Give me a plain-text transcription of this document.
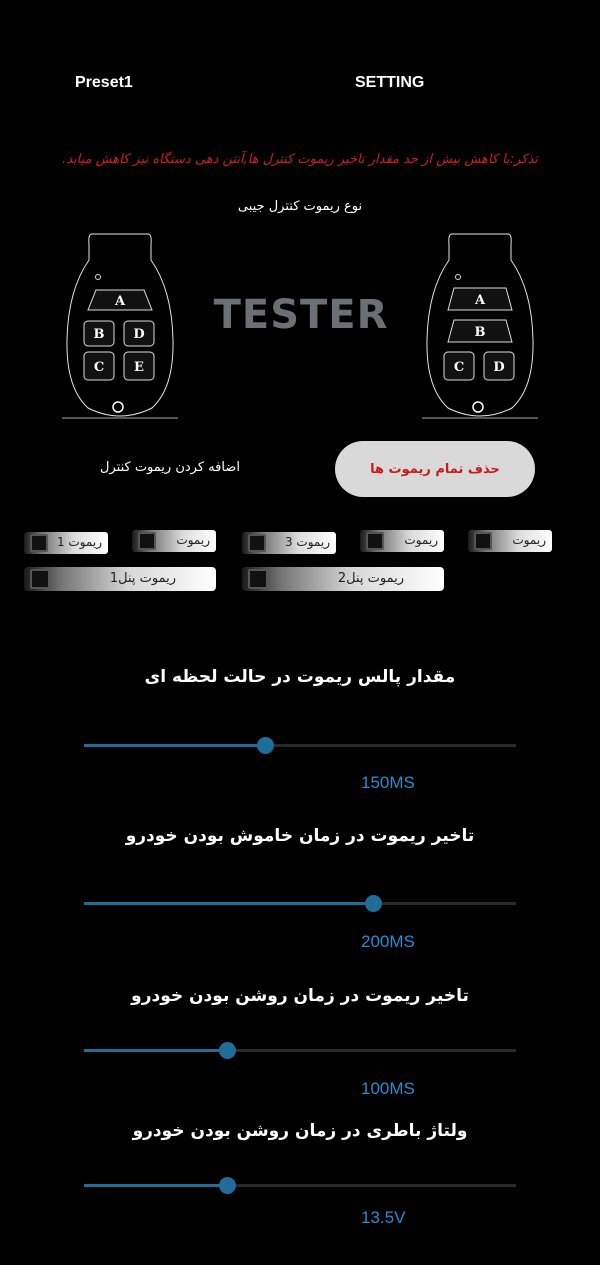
Preset1	SETTING
تذکر:با کاهش بیش از حد مقدار تاخیر ریموت کنترل ها,آنتن دهی دستگاه نیز کاهش میابد.
نوع ریموت کنترل جیبی
A
B D
C E
TESTER	A
B
C D
حذف تمام ریموت ها
اضافه کردن ریموت کنترل
ریموت 1	ریموت	ریموت 3	ریموت	ریموت
ریموت پنل1	ریموت پنل2
مقدار پالس ریموت در حالت لحظه ای
150MS
تاخیر ریموت در زمان خاموش بودن خودرو
200MS
تاخیر ریموت در زمان روشن بودن خودرو
100MS
ولتاژ باطری در زمان روشن بودن خودرو
13.5V
